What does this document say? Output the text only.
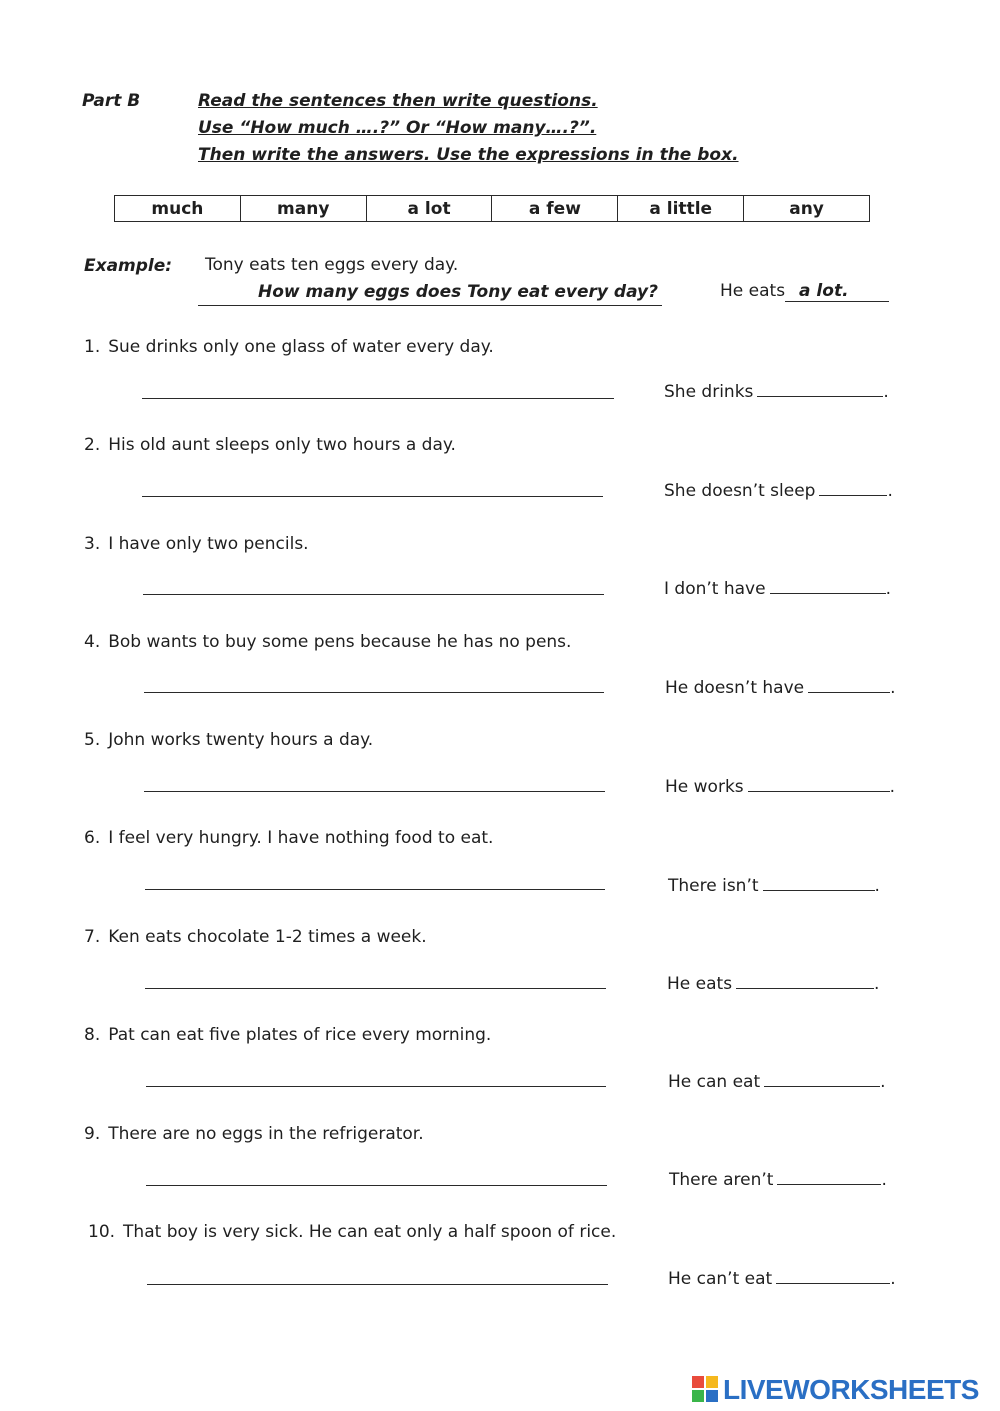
Part B	Read the sentences then write questions.
Use “How much ….?” Or “How many….?”.
Then write the answers. Use the expressions in the box.
much	many	a lot	a few	a little	any
Example: Tony eats ten eggs every day.
How many eggs does Tony eat every day?	He eats a lot.
1. Sue drinks only one glass of water every day.
She drinks	.
2. His old aunt sleeps only two hours a day.
She doesn’t sleep	.
3. I have only two pencils.
I don’t have	.
4. Bob wants to buy some pens because he has no pens.
He doesn’t have	.
5. John works twenty hours a day.
He works	.
6. I feel very hungry. I have nothing food to eat.
There isn’t	.
7. Ken eats chocolate 1-2 times a week.
He eats	.
8. Pat can eat five plates of rice every morning.
He can eat	.
9. There are no eggs in the refrigerator.
There aren’t	.
10. That boy is very sick. He can eat only a half spoon of rice.
He can’t eat	.
LIVEWORKSHEETS
